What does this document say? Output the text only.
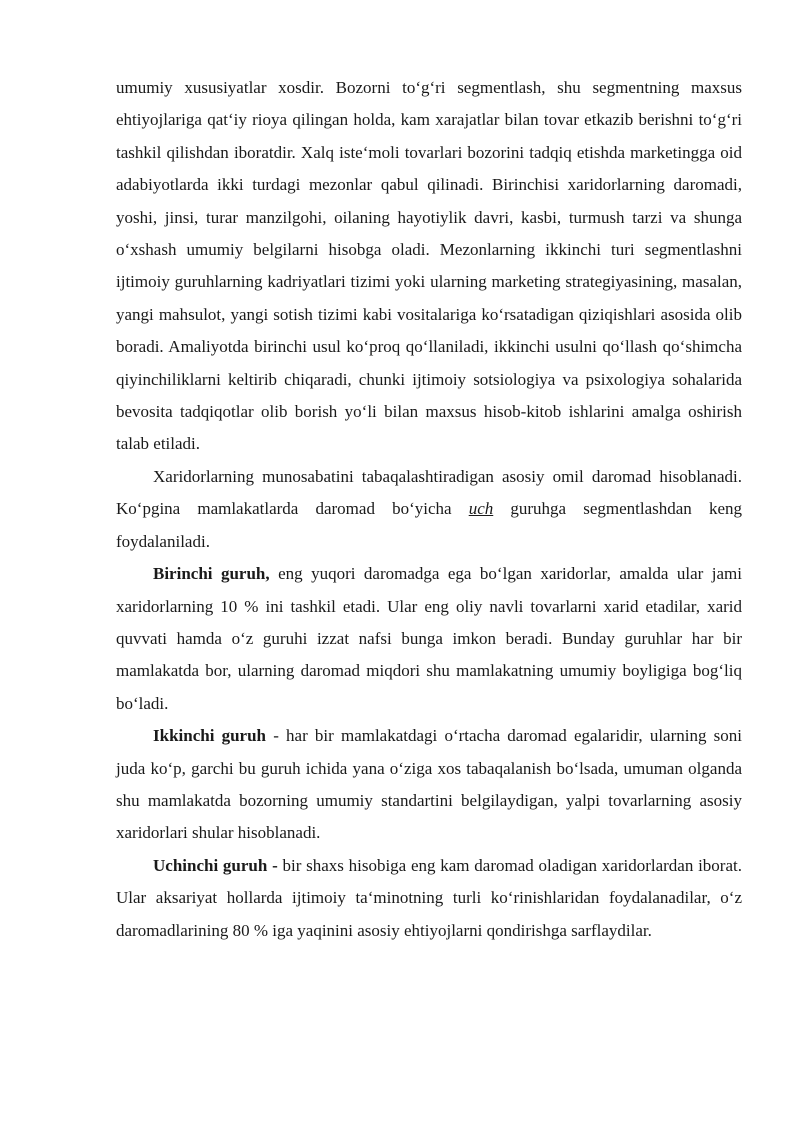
umumiy xususiyatlar xosdir. Bozorni to‘g‘ri segmentlash, shu segmentning maxsus ehtiyojlariga qat‘iy rioya qilingan holda, kam xarajatlar bilan tovar etkazib berishni to‘g‘ri tashkil qilishdan iboratdir. Xalq iste‘moli tovarlari bozorini tadqiq etishda marketingga oid adabiyotlarda ikki turdagi mezonlar qabul qilinadi. Birinchisi xaridorlarning daromadi, yoshi, jinsi, turar manzilgohi, oilaning hayotiylik davri, kasbi, turmush tarzi va shunga o‘xshash umumiy belgilarni hisobga oladi. Mezonlarning ikkinchi turi segmentlashni ijtimoiy guruhlarning kadriyatlari tizimi yoki ularning marketing strategiyasining, masalan, yangi mahsulot, yangi sotish tizimi kabi vositalariga ko‘rsatadigan qiziqishlari asosida olib boradi. Amaliyotda birinchi usul ko‘proq qo‘llaniladi, ikkinchi usulni qo‘llash qo‘shimcha qiyinchiliklarni keltirib chiqaradi, chunki ijtimoiy sotsiologiya va psixologiya sohalarida bevosita tadqiqotlar olib borish yo‘li bilan maxsus hisob-kitob ishlarini amalga oshirish talab etiladi.

Xaridorlarning munosabatini tabaqalashtiradigan asosiy omil daromad hisoblanadi. Ko‘pgina mamlakatlarda daromad bo‘yicha uch guruhga segmentlashdan keng foydalaniladi.

Birinchi guruh, eng yuqori daromadga ega bo‘lgan xaridorlar, amalda ular jami xaridorlarning 10 % ini tashkil etadi. Ular eng oliy navli tovarlarni xarid etadilar, xarid quvvati hamda o‘z guruhi izzat nafsi bunga imkon beradi. Bunday guruhlar har bir mamlakatda bor, ularning daromad miqdori shu mamlakatning umumiy boyligiga bog‘liq bo‘ladi.

Ikkinchi guruh - har bir mamlakatdagi o‘rtacha daromad egalaridir, ularning soni juda ko‘p, garchi bu guruh ichida yana o‘ziga xos tabaqalanish bo‘lsada, umuman olganda shu mamlakatda bozorning umumiy standartini belgilaydigan, yalpi tovarlarning asosiy xaridorlari shular hisoblanadi.

Uchinchi guruh - bir shaxs hisobiga eng kam daromad oladigan xaridorlardan iborat. Ular aksariyat hollarda ijtimoiy ta‘minotning turli ko‘rinishlaridan foydalanadilar, o‘z daromadlarining 80 % iga yaqinini asosiy ehtiyojlarni qondirishga sarflaydilar.
